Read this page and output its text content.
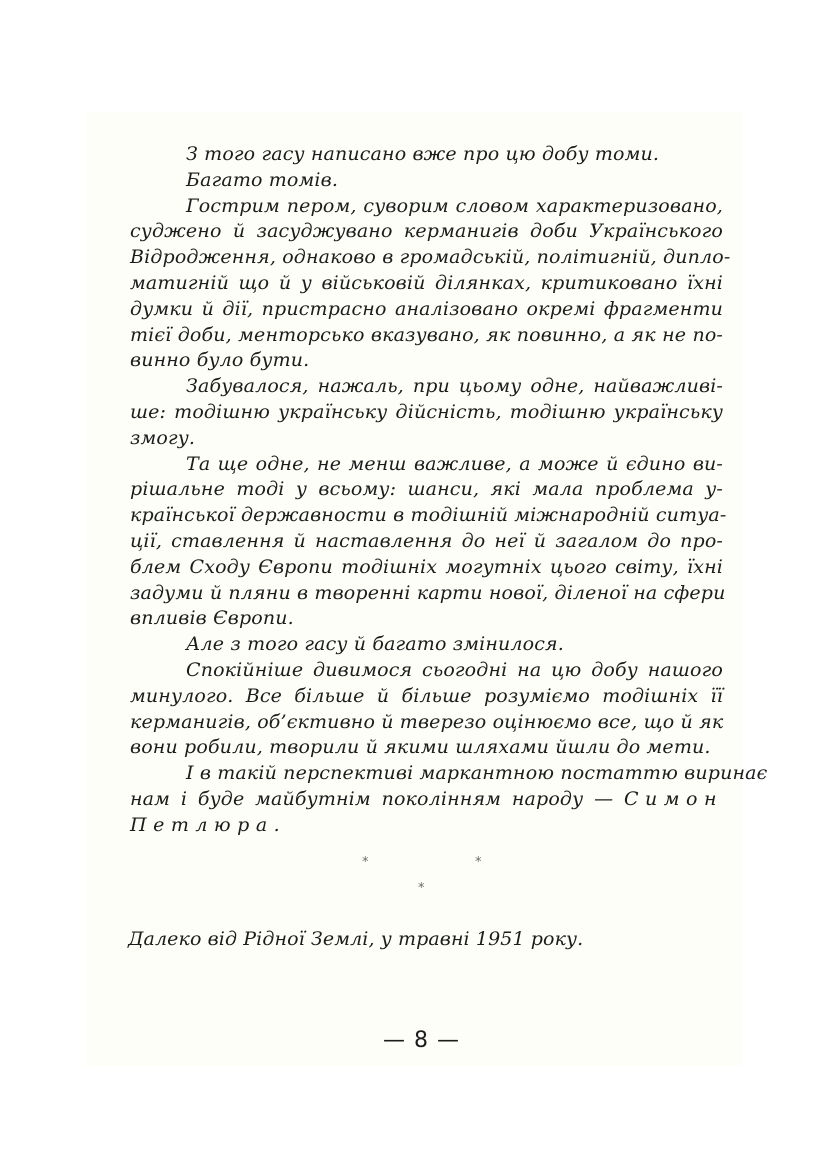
З того гасу написано вже про цю добу томи.
Багато томів.
Гострим пером, суворим словом характеризовано,
суджено й засуджувано керманигів доби Українського
Відродження, однаково в громадській, політигній, дипло-
матигній що й у військовій ділянках, критиковано їхні
думки й дії, пристрасно аналізовано окремі фрагменти
тієї доби, менторсько вказувано, як повинно, а як не по-
винно було бути.
Забувалося, нажаль, при цьому одне, найважливі-
ше: тодішню українську дійсність, тодішню українську
змогу.
Та ще одне, не менш важливе, а може й єдино ви-
рішальне тоді у всьому: шанси, які мала проблема у-
країнської державности в тодішній міжнародній ситуа-
ції, ставлення й наставлення до неї й загалом до про-
блем Сходу Європи тодішніх могутніх цього світу, їхні
задуми й пляни в творенні карти нової, діленої на сфери
впливів Європи.
Але з того гасу й багато змінилося.
Спокійніше дивимося сьогодні на цю добу нашого
минулого. Все більше й більше розуміємо тодішніх її
керманигів, об’єктивно й тверезо оцінюємо все, що й як
вони робили, творили й якими шляхами йшли до мети.
І в такій перспективі маркантною постаттю виринає
нам і буде майбутнім поколінням народу — Симон
Петлюра.
*	*
*
Далеко від Рідної Землі, у травні 1951 року.
— 8 —
